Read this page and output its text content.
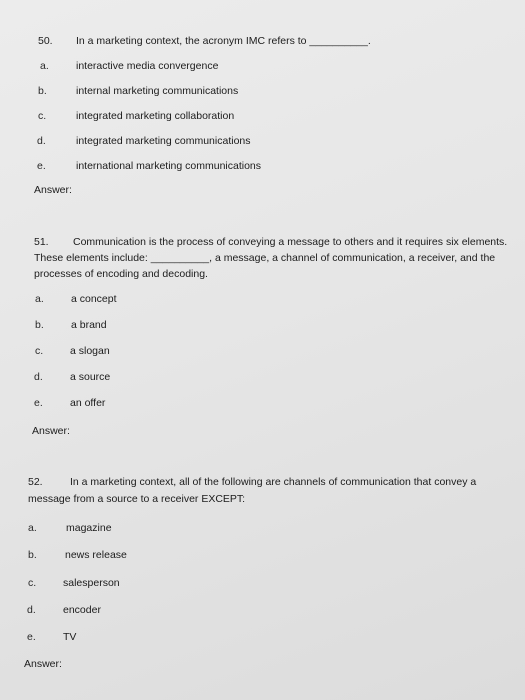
50. In a marketing context, the acronym IMC refers to __________.
a.	interactive media convergence
b.	internal marketing communications
c.	integrated marketing collaboration
d.	integrated marketing communications
e.	international marketing communications
Answer:
51. Communication is the process of conveying a message to others and it requires six elements.
These elements include: __________, a message, a channel of communication, a receiver, and the
processes of encoding and decoding.
a.	a concept
b.	a brand
c.	a slogan
d.	a source
e.	an offer
Answer:
52.	In a marketing context, all of the following are channels of communication that convey a
message from a source to a receiver EXCEPT:
a.	magazine
b.	news release
c.	salesperson
d.	encoder
e.	TV
Answer:
